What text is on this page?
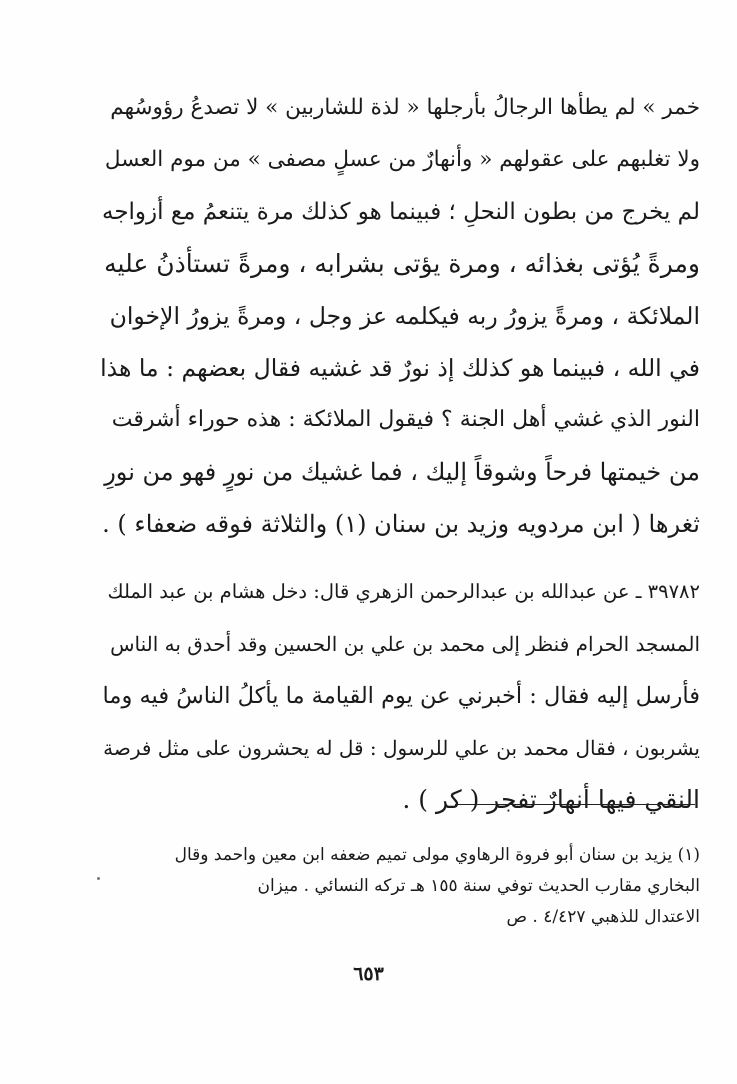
خمر » لم يطأها الرجالُ بأرجلها « لذة للشاربين » لا تصدعُ رؤوسُهم
ولا تغلبهم على عقولهم « وأنهارٌ من عسلٍ مصفى » من موم العسل
لم يخرج من بطون النحلِ ؛ فبينما هو كذلك مرة يتنعمُ مع أزواجه
ومرةً يُؤتى بغذائه ، ومرة يؤتى بشرابه ، ومرةً تستأذنُ عليه
الملائكة ، ومرةً يزورُ ربه فيكلمه عز وجل ، ومرةً يزورُ الإخوان
في الله ، فبينما هو كذلك إذ نورٌ قد غشيه فقال بعضهم : ما هذا
النور الذي غشي أهل الجنة ؟ فيقول الملائكة : هذه حوراء أشرقت
من خيمتها فرحاً وشوقاً إليك ، فما غشيك من نورٍ فهو من نورِ
ثغرها ( ابن مردويه وزيد بن سنان (١) والثلاثة فوقه ضعفاء ) .
٣٩٧٨٢ ـ عن عبدالله بن عبدالرحمن الزهري قال: دخل هشام بن عبد الملك
المسجد الحرام فنظر إلى محمد بن علي بن الحسين وقد أحدق به الناس
فأرسل إليه فقال : أخبرني عن يوم القيامة ما يأكلُ الناسُ فيه وما
يشربون ، فقال محمد بن علي للرسول : قل له يحشرون على مثل فرصة
النقي فيها أنهارٌ تفجر ( كر ) .
(١) يزيد بن سنان أبو فروة الرهاوي مولى تميم ضعفه ابن معين واحمد وقال
البخاري مقارب الحديث توفي سنة ١٥٥ هـ تركه النسائي . ميزان
الاعتدال للذهبي ٤/٤٢٧ . ص
٦٥٣
